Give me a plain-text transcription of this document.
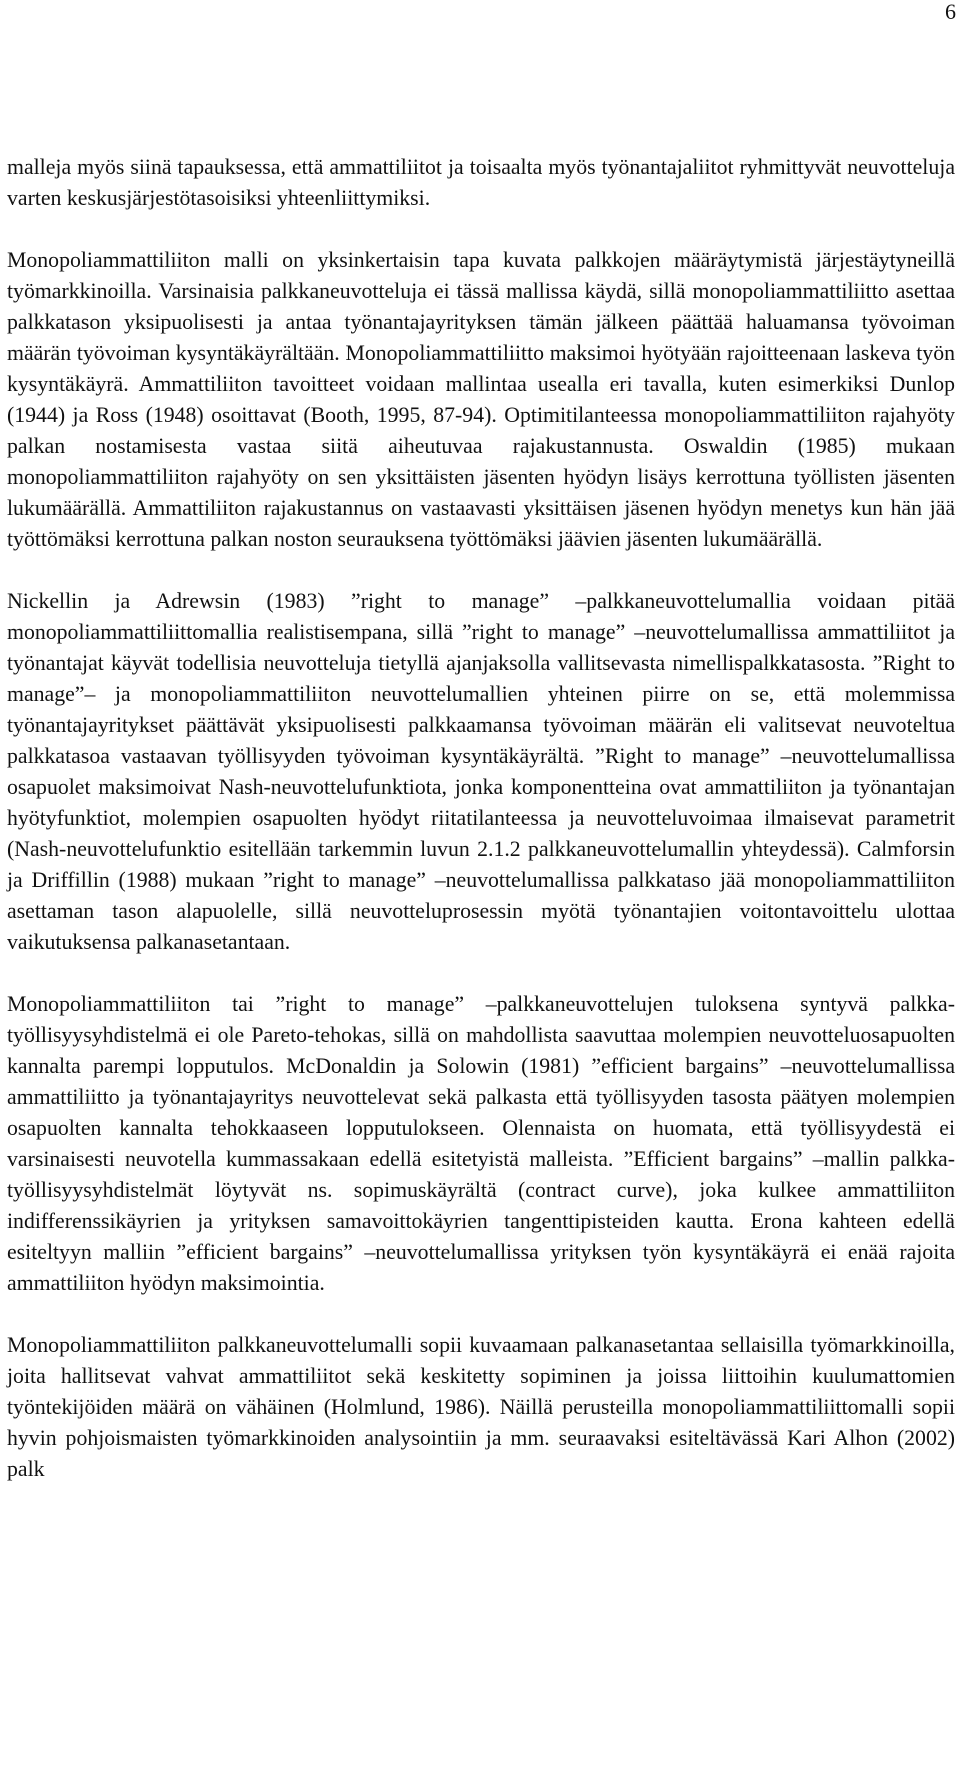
6

malleja myös siinä tapauksessa, että ammattiliitot ja toisaalta myös työnantajaliitot ryhmittyvät neuvotteluja varten keskusjärjestötasoisiksi yhteenliittymiksi.

Monopoliammattiliiton malli on yksinkertaisin tapa kuvata palkkojen määräytymistä järjestäytyneillä työmarkkinoilla. Varsinaisia palkkaneuvotteluja ei tässä mallissa käydä, sillä monopoliammattiliitto asettaa palkkatason yksipuolisesti ja antaa työnantajayrityksen tämän jälkeen päättää haluamansa työvoiman määrän työvoiman kysyntäkäyrältään. Monopoliammattiliitto maksimoi hyötyään rajoitteenaan laskeva työn kysyntäkäyrä. Ammattiliiton tavoitteet voidaan mallintaa usealla eri tavalla, kuten esimerkiksi Dunlop (1944) ja Ross (1948) osoittavat (Booth, 1995, 87-94). Optimitilanteessa monopoliammattiliiton rajahyöty palkan nostamisesta vastaa siitä aiheutuvaa rajakustannusta. Oswaldin (1985) mukaan monopoliammattiliiton rajahyöty on sen yksittäisten jäsenten hyödyn lisäys kerrottuna työllisten jäsenten lukumäärällä. Ammattiliiton rajakustannus on vastaavasti yksittäisen jäsenen hyödyn menetys kun hän jää työttömäksi kerrottuna palkan noston seurauksena työttömäksi jäävien jäsenten lukumäärällä.

Nickellin ja Adrewsin (1983) ”right to manage” –palkkaneuvottelumallia voidaan pitää monopoliammattiliittomallia realistisempana, sillä ”right to manage” –neuvottelumallissa ammattiliitot ja työnantajat käyvät todellisia neuvotteluja tietyllä ajanjaksolla vallitsevasta nimellispalkkatasosta. ”Right to manage”– ja monopoliammattiliiton neuvottelumallien yhteinen piirre on se, että molemmissa työnantajayritykset päättävät yksipuolisesti palkkaamansa työvoiman määrän eli valitsevat neuvoteltua palkkatasoa vastaavan työllisyyden työvoiman kysyntäkäyrältä. ”Right to manage” –neuvottelumallissa osapuolet maksimoivat Nash-neuvottelufunktiota, jonka komponentteina ovat ammattiliiton ja työnantajan hyötyfunktiot, molempien osapuolten hyödyt riitatilanteessa ja neuvotteluvoimaa ilmaisevat parametrit (Nash-neuvottelufunktio esitellään tarkemmin luvun 2.1.2 palkkaneuvottelumallin yhteydessä). Calmforsin ja Driffillin (1988) mukaan ”right to manage” –neuvottelumallissa palkkataso jää monopoliammattiliiton asettaman tason alapuolelle, sillä neuvotteluprosessin myötä työnantajien voitontavoittelu ulottaa vaikutuksensa palkanasetantaan.

Monopoliammattiliiton tai ”right to manage” –palkkaneuvottelujen tuloksena syntyvä palkka-työllisyysyhdistelmä ei ole Pareto-tehokas, sillä on mahdollista saavuttaa molempien neuvotteluosapuolten kannalta parempi lopputulos. McDonaldin ja Solowin (1981) ”efficient bargains” –neuvottelumallissa ammattiliitto ja työnantajayritys neuvottelevat sekä palkasta että työllisyyden tasosta päätyen molempien osapuolten kannalta tehokkaaseen lopputulokseen. Olennaista on huomata, että työllisyydestä ei varsinaisesti neuvotella kummassakaan edellä esitetyistä malleista. ”Efficient bargains” –mallin palkka-työllisyysyhdistelmät löytyvät ns. sopimuskäyrältä (contract curve), joka kulkee ammattiliiton indifferenssikäyrien ja yrityksen samavoittokäyrien tangenttipisteiden kautta. Erona kahteen edellä esiteltyyn malliin ”efficient bargains” –neuvottelumallissa yrityksen työn kysyntäkäyrä ei enää rajoita ammattiliiton hyödyn maksimointia.

Monopoliammattiliiton palkkaneuvottelumalli sopii kuvaamaan palkanasetantaa sellaisilla työmarkkinoilla, joita hallitsevat vahvat ammattiliitot sekä keskitetty sopiminen ja joissa liittoihin kuulumattomien työntekijöiden määrä on vähäinen (Holmlund, 1986). Näillä perusteilla monopoliammattiliittomalli sopii hyvin pohjoismaisten työmarkkinoiden analysointiin ja mm. seuraavaksi esiteltävässä Kari Alhon (2002) palk
